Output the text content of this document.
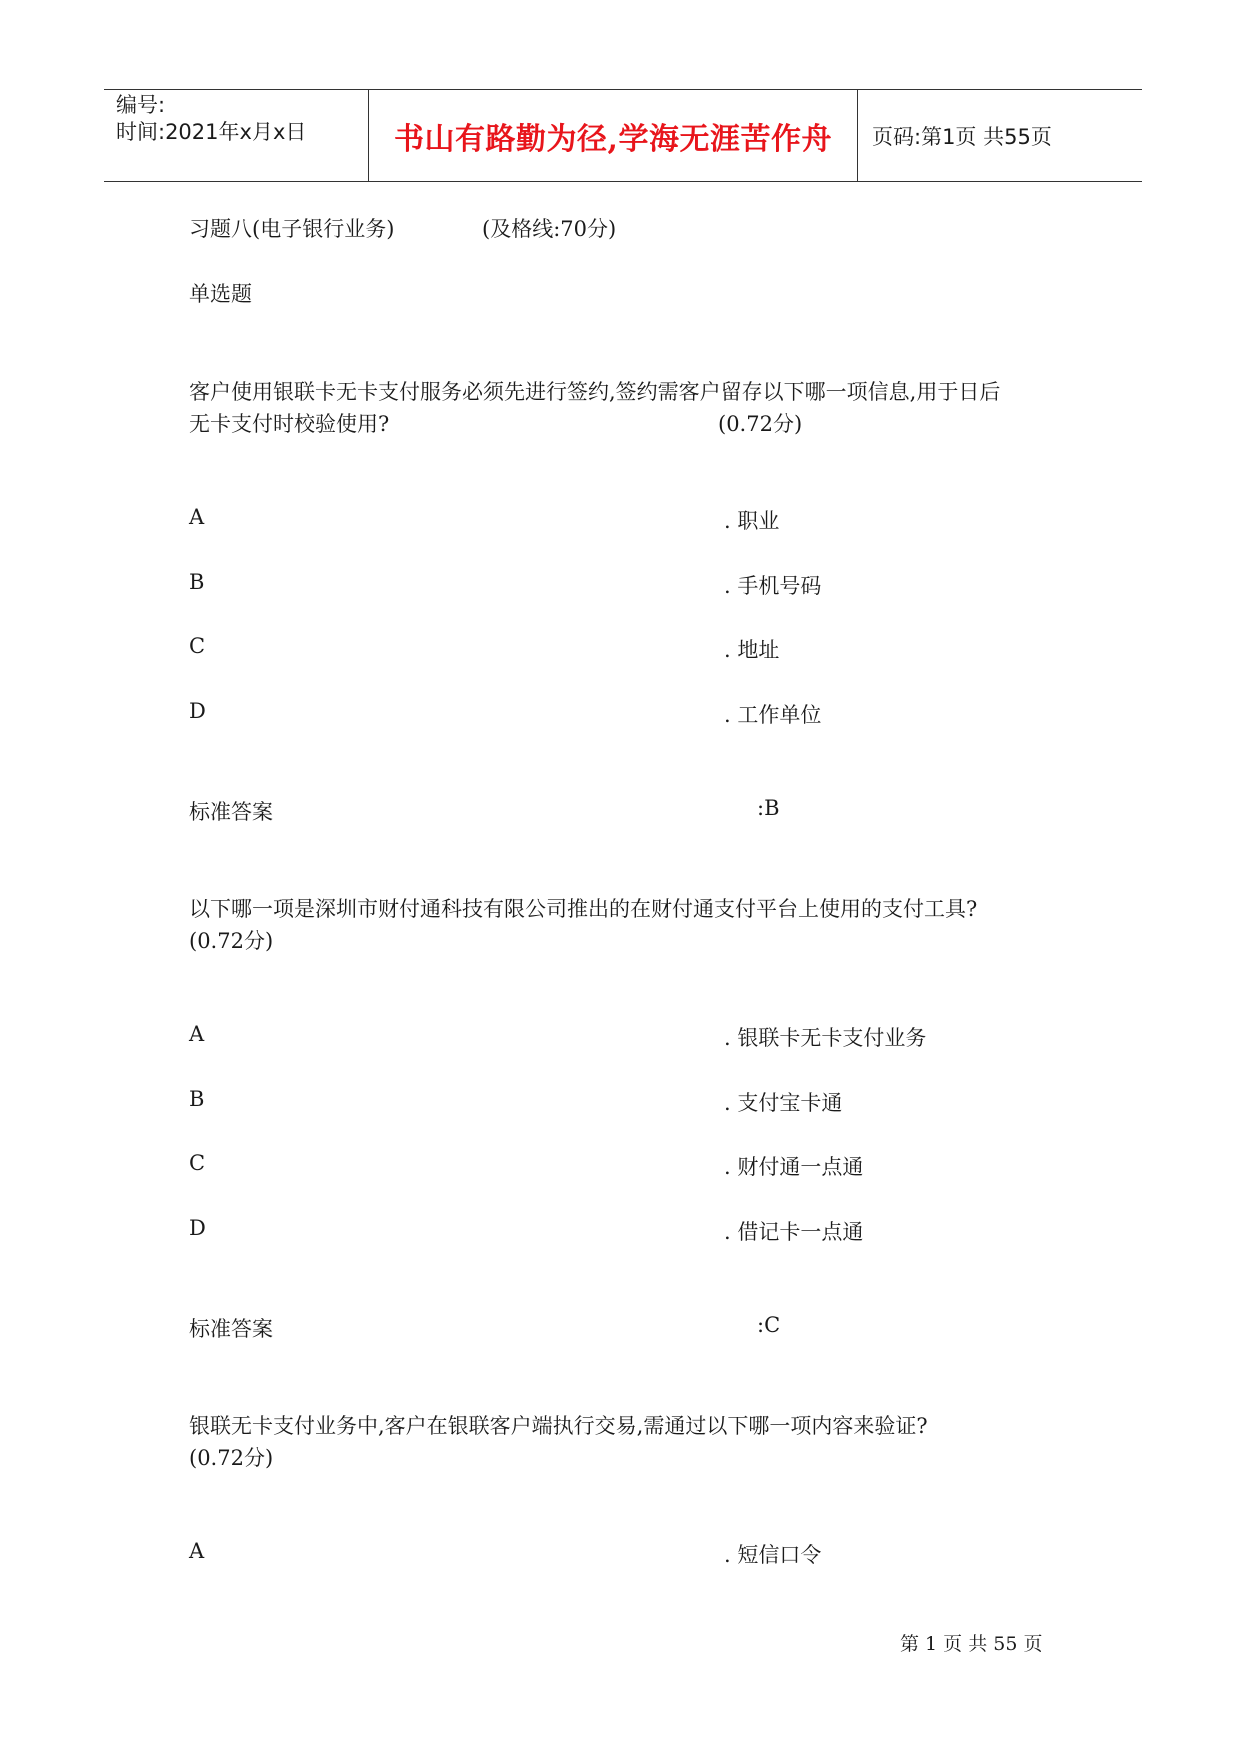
编号:
时间:2021年x月x日	书山有路勤为径,学海无涯苦作舟 页码:第1页 共55页
习题八(电子银行业务)	(及格线:70分)
单选题
客户使用银联卡无卡支付服务必须先进行签约,签约需客户留存以下哪一项信息,用于日后
无卡支付时校验使用?	(0.72分)
A	. 职业
B	. 手机号码
C	. 地址
D	. 工作单位
标准答案	:B
以下哪一项是深圳市财付通科技有限公司推出的在财付通支付平台上使用的支付工具?
(0.72分)
A	. 银联卡无卡支付业务
B	. 支付宝卡通
C	. 财付通一点通
D	. 借记卡一点通
标准答案	:C
银联无卡支付业务中,客户在银联客户端执行交易,需通过以下哪一项内容来验证?
(0.72分)
A	. 短信口令
第 1 页 共 55 页
